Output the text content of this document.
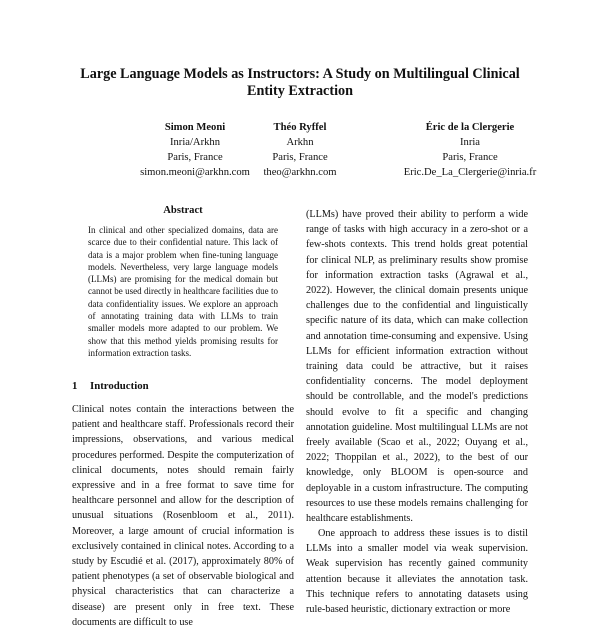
Large Language Models as Instructors: A Study on Multilingual Clinical Entity Extraction
Simon Meoni
Inria/Arkhn
Paris, France
simon.meoni@arkhn.com
Théo Ryffel
Arkhn
Paris, France
theo@arkhn.com
Éric de la Clergerie
Inria
Paris, France
Eric.De_La_Clergerie@inria.fr
Abstract
In clinical and other specialized domains, data are scarce due to their confidential nature. This lack of data is a major problem when fine-tuning language models. Nevertheless, very large language models (LLMs) are promising for the medical domain but cannot be used directly in healthcare facilities due to data confidentiality issues. We explore an approach of annotating training data with LLMs to train smaller models more adapted to our problem. We show that this method yields promising results for information extraction tasks.
1 Introduction
Clinical notes contain the interactions between the patient and healthcare staff. Professionals record their impressions, observations, and various medical procedures performed. Despite the computerization of clinical documents, notes should remain fairly expressive and in a free format to save time for healthcare personnel and allow for the description of unusual situations (Rosenbloom et al., 2011). Moreover, a large amount of crucial information is exclusively contained in clinical notes. According to a study by Escudié et al. (2017), approximately 80% of patient phenotypes (a set of observable biological and physical characteristics that can characterize a disease) are present only in free text. These documents are difficult to use
(LLMs) have proved their ability to perform a wide range of tasks with high accuracy in a zero-shot or a few-shots contexts. This trend holds great potential for clinical NLP, as preliminary results show promise for information extraction tasks (Agrawal et al., 2022). However, the clinical domain presents unique challenges due to the confidential and linguistically specific nature of its data, which can make collection and annotation time-consuming and expensive. Using LLMs for efficient information extraction without training data could be attractive, but it raises confidentiality concerns. The model deployment should be controllable, and the model's predictions should evolve to fit a specific and changing annotation guideline. Most multilingual LLMs are not freely available (Scao et al., 2022; Ouyang et al., 2022; Thoppilan et al., 2022), to the best of our knowledge, only BLOOM is open-source and deployable in a custom infrastructure. The computing resources to use these models remains challenging for healthcare establishments.
One approach to address these issues is to distil LLMs into a smaller model via weak supervision. Weak supervision has recently gained community attention because it alleviates the annotation task. This technique refers to annotating datasets using rule-based heuristic, dictionary extraction or more
